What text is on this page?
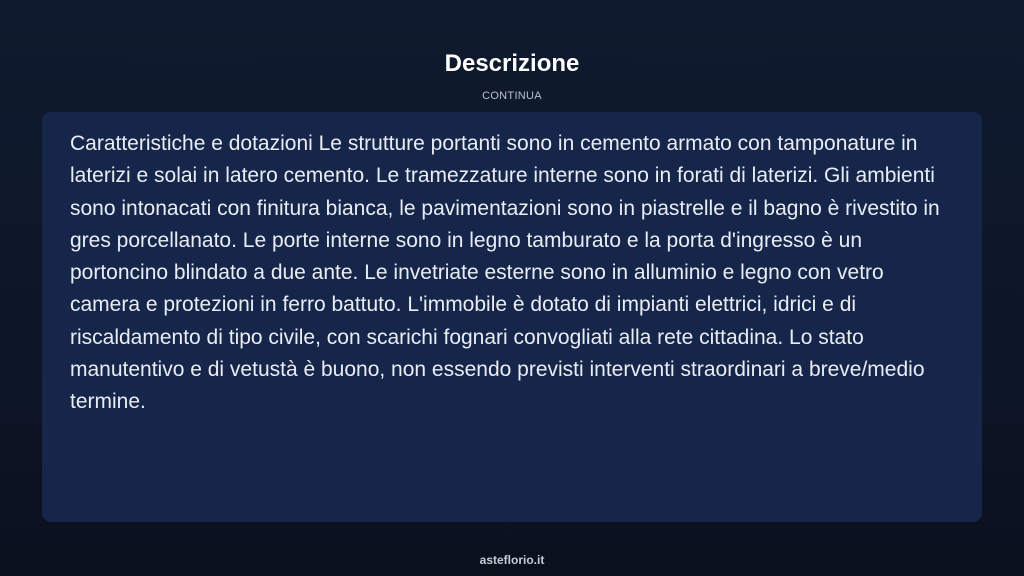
Descrizione
CONTINUA

Caratteristiche e dotazioni Le strutture portanti sono in cemento armato con tamponature in laterizi e solai in latero cemento. Le tramezzature interne sono in forati di laterizi. Gli ambienti sono intonacati con finitura bianca, le pavimentazioni sono in piastrelle e il bagno è rivestito in gres porcellanato. Le porte interne sono in legno tamburato e la porta d'ingresso è un portoncino blindato a due ante. Le invetriate esterne sono in alluminio e legno con vetro camera e protezioni in ferro battuto. L'immobile è dotato di impianti elettrici, idrici e di riscaldamento di tipo civile, con scarichi fognari convogliati alla rete cittadina. Lo stato manutentivo e di vetustà è buono, non essendo previsti interventi straordinari a breve/medio termine.

asteflorio.it
